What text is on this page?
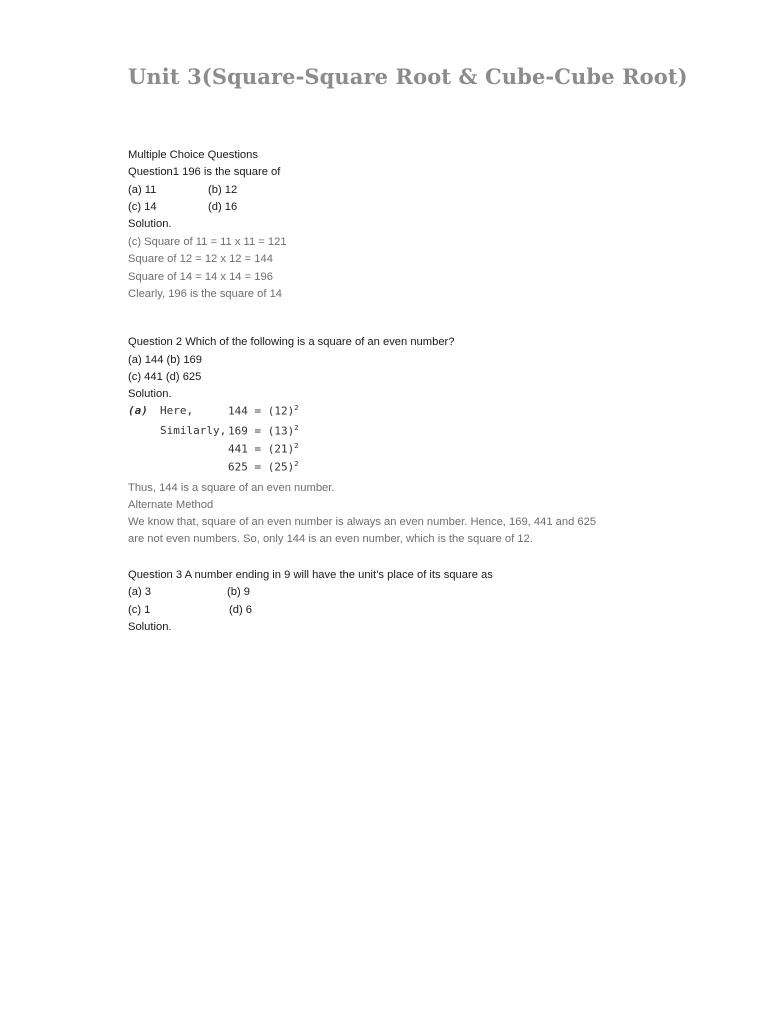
Unit 3(Square-Square Root & Cube-Cube Root)
Multiple Choice Questions
Question1 196 is the square of
(a) 11	(b) 12
(c) 14	(d) 16
Solution.
(c) Square of 11 = 11 x 11 = 121
Square of 12 = 12 x 12 = 144
Square of 14 = 14 x 14 = 196
Clearly, 196 is the square of 14
Question 2 Which of the following is a square of an even number?
(a) 144 (b) 169
(c) 441 (d) 625
Solution.
(a) Here,	$144 = (12)^2$
Similarly, $169 = (13)^2$
$441 = (21)^2$
$625 = (25)^2$
Thus, 144 is a square of an even number.
Alternate Method
We know that, square of an even number is always an even number. Hence, 169, 441 and 625
are not even numbers. So, only 144 is an even number, which is the square of 12.
Question 3 A number ending in 9 will have the unit’s place of its square as
(a) 3	(b) 9
(c) 1	(d) 6
Solution.
